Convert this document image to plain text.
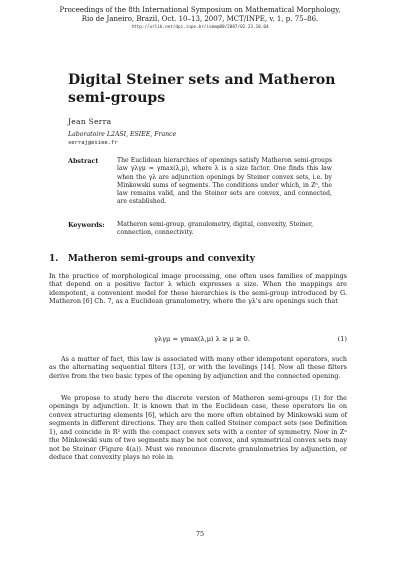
Proceedings of the 8th International Symposium on Mathematical Morphology,
Rio de Janeiro, Brazil, Oct. 10–13, 2007, MCT/INPE, v. 1, p. 75–86.
http://urlib.net/dpi.inpe.br/ismm@80/2007/02.23.10.04
Digital Steiner sets and Matheron semi-groups
Jean Serra
Laboratoire L2ASI, ESIEE, France
serraj@esiee.fr
Abstract	The Euclidean hierarchies of openings satisfy Matheron semi-groups law γλγμ = γmax(λ,μ), where λ is a size factor. One finds this law when the γλ are adjunction openings by Steiner convex sets, i.e. by Minkowski sums of segments. The conditions under which, in Zⁿ, the law remains valid, and the Steiner sets are convex, and connected, are established.
Keywords: Matheron semi-group, granulometry, digital, convexity, Steiner, connection, connectivity.
1. Matheron semi-groups and convexity
In the practice of morphological image processing, one often uses families of mappings that depend on a positive factor λ which expresses a size. When the mappings are idempotent, a convenient model for these hierarchies is the semi-group introduced by G. Matheron [6] Ch. 7, as a Euclidean granulometry, where the γλ's are openings such that
γλγμ = γmax(λ,μ) λ ≥ μ ≥ 0.	(1)
As a matter of fact, this law is associated with many other idempotent operators, such as the alternating sequential filters [13], or with the levelings [14]. Now all these filters derive from the two basic types of the opening by adjunction and the connected opening.
We propose to study here the discrete version of Matheron semi-groups (1) for the openings by adjunction. It is known that in the Euclidean case, these operators lie on convex structuring elements [6], which are the more often obtained by Minkowski sum of segments in different directions. They are then called Steiner compact sets (see Definition 1), and coincide in R² with the compact convex sets with a center of symmetry. Now in Zⁿ the Minkowski sum of two segments may be not convex, and symmetrical convex sets may not be Steiner (Figure 4(a)). Must we renounce discrete granulometries by adjunction, or deduce that convexity plays no role in
75
